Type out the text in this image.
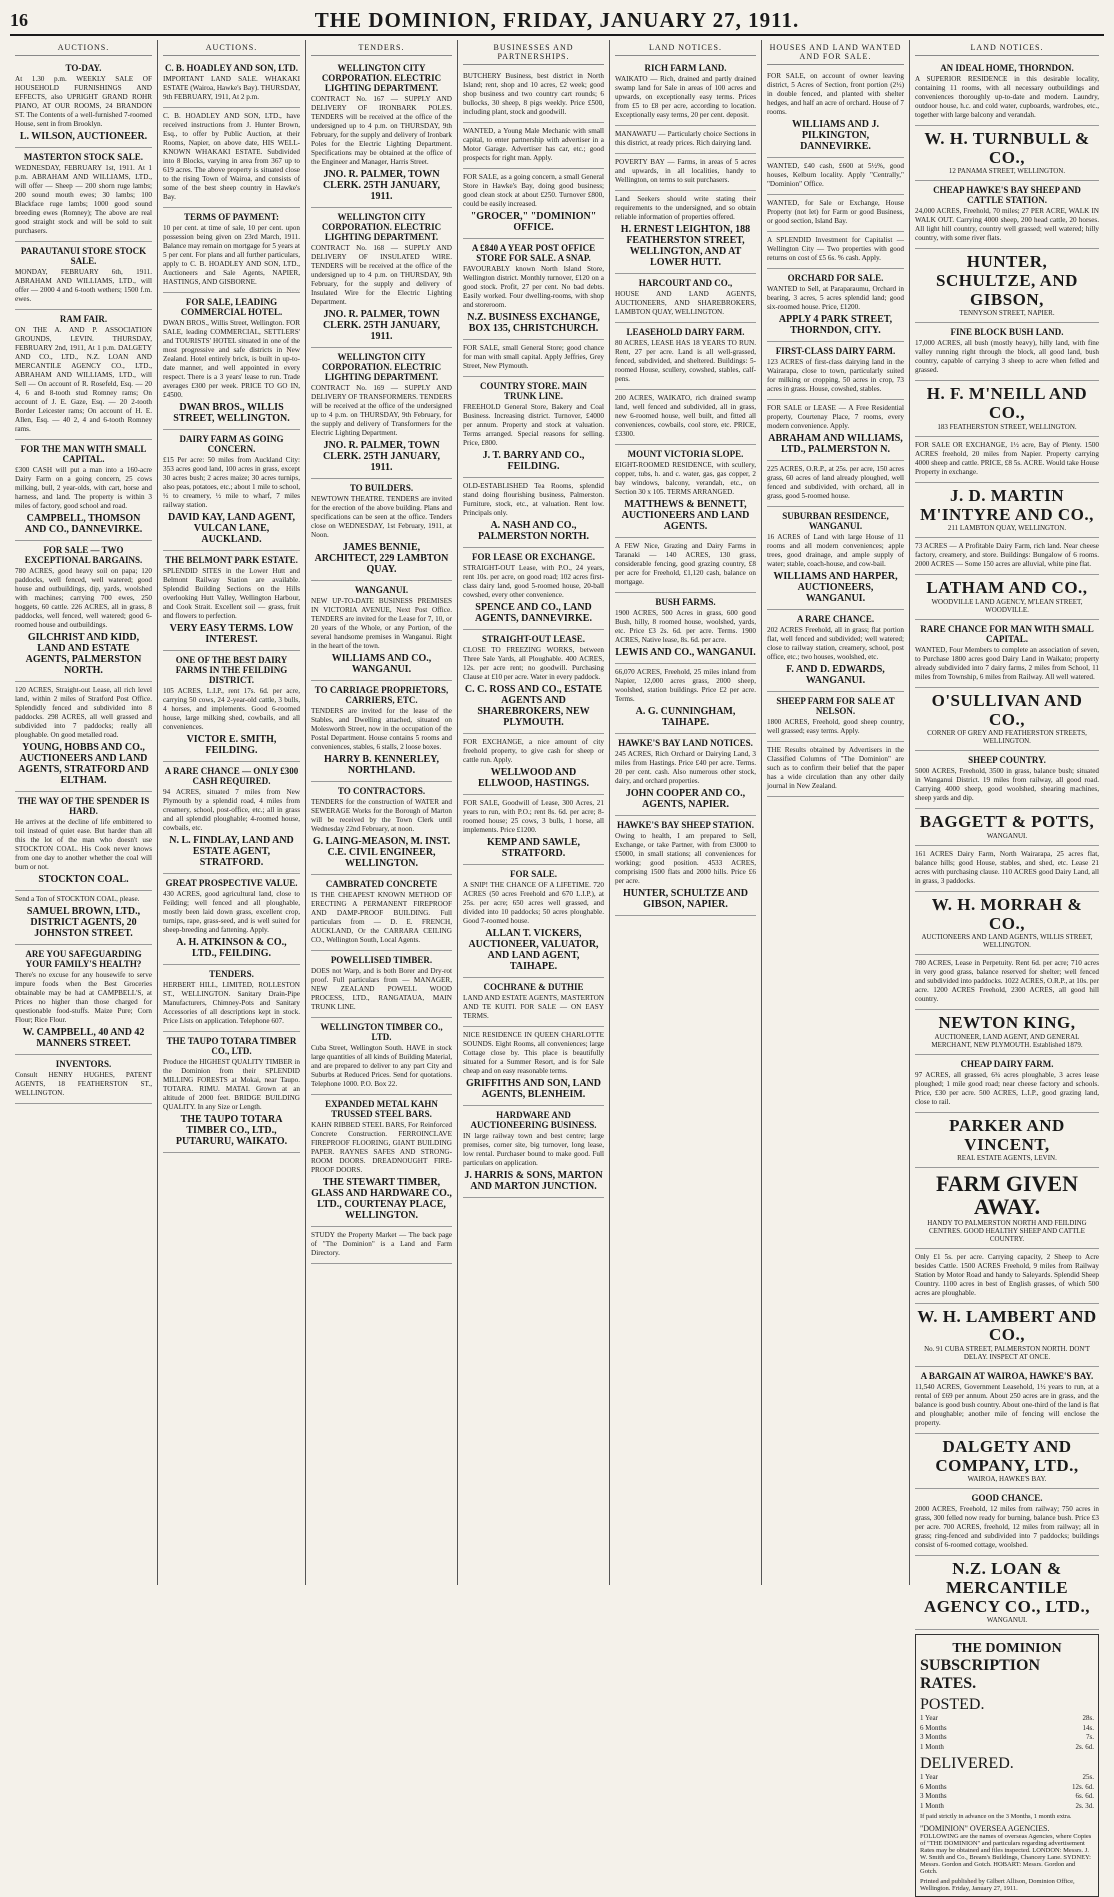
16	THE DOMINION, FRIDAY, JANUARY 27, 1911.
AUCTIONS.
TO-DAY.
At 1.30 p.m. WEEKLY SALE OF HOUSEHOLD FURNISHINGS AND EFFECTS, also UPRIGHT GRAND ROHR PIANO, AT OUR ROOMS, 24 BRANDON ST. The Contents of a well-furnished 7-roomed House, sent in from Brooklyn.
L. WILSON, AUCTIONEER.
MASTERTON STOCK SALE.
WEDNESDAY, FEBRUARY 1st, 1911. At 1 p.m. ABRAHAM AND WILLIAMS, LTD., will offer — Sheep — 200 shorn ruge lambs; 200 sound mouth ewes; 30 lambs; 100 Blackface ruge lambs; 1000 good sound breeding ewes (Romney); The above are real good straight stock and will be sold to suit purchasers.
PARAUTANUI STORE STOCK SALE.
MONDAY, FEBRUARY 6th, 1911. ABRAHAM AND WILLIAMS, LTD., will offer — 2000 4 and 6-tooth wethers; 1500 f.m. ewes.
RAM FAIR.
ON THE A. AND P. ASSOCIATION GROUNDS, LEVIN. THURSDAY, FEBRUARY 2nd, 1911, At 1 p.m. DALGETY AND CO., LTD., N.Z. LOAN AND MERCANTILE AGENCY CO., LTD., ABRAHAM AND WILLIAMS, LTD., will Sell — On account of R. Rosefeld, Esq. — 20 4, 6 and 8-tooth stud Romney rams; On account of J. E. Gaze, Esq. — 20 2-tooth Border Leicester rams; On account of H. E. Allen, Esq. — 40 2, 4 and 6-tooth Romney rams.
FOR THE MAN WITH SMALL CAPITAL.
£300 CASH will put a man into a 160-acre Dairy Farm on a going concern, 25 cows milking, bull, 2 year-olds, with cart, horse and harness, and land. The property is within 3 miles of factory, good school and road.
CAMPBELL, THOMSON AND CO., DANNEVIRKE.
FOR SALE — TWO EXCEPTIONAL BARGAINS.
780 ACRES, good heavy soil on papa; 120 paddocks, well fenced, well watered; good house and outbuildings, dip, yards, woolshed with machines; carrying 700 ewes, 250 hoggets, 60 cattle. 226 ACRES, all in grass, 8 paddocks, well fenced, well watered; good 6-roomed house and outbuildings.
GILCHRIST AND KIDD, LAND AND ESTATE AGENTS, PALMERSTON NORTH.
120 ACRES, Straight-out Lease, all rich level land, within 2 miles of Stratford Post Office. Splendidly fenced and subdivided into 8 paddocks. 298 ACRES, all well grassed and subdivided into 7 paddocks; really all ploughable. On good metalled road.
YOUNG, HOBBS AND CO., AUCTIONEERS AND LAND AGENTS, STRATFORD AND ELTHAM.
THE WAY OF THE SPENDER IS HARD.
He arrives at the decline of life embittered to toil instead of quiet ease. But harder than all this the lot of the man who doesn't use STOCKTON COAL. His Cook never knows from one day to another whether the coal will burn or not.
STOCKTON COAL.
Send a Ton of STOCKTON COAL, please.
SAMUEL BROWN, LTD., DISTRICT AGENTS, 20 JOHNSTON STREET.
ARE YOU SAFEGUARDING YOUR FAMILY'S HEALTH?
There's no excuse for any housewife to serve impure foods when the Best Groceries obtainable may be had at CAMPBELL'S, at Prices no higher than those charged for questionable food-stuffs. Maize Pure; Corn Flour; Rice Flour.
W. CAMPBELL, 40 AND 42 MANNERS STREET.
INVENTORS.
Consult HENRY HUGHES, PATENT AGENTS, 18 FEATHERSTON ST., WELLINGTON.
AUCTIONS.
C. B. HOADLEY AND SON, LTD.
IMPORTANT LAND SALE. WHAKAKI ESTATE (Wairoa, Hawke's Bay). THURSDAY, 9th FEBRUARY, 1911, At 2 p.m.
C. B. HOADLEY AND SON, LTD., have received instructions from J. Hunter Brown, Esq., to offer by Public Auction, at their Rooms, Napier, on above date, HIS WELL-KNOWN WHAKAKI ESTATE. Subdivided into 8 Blocks, varying in area from 367 up to 619 acres. The above property is situated close to the rising Town of Wairoa, and consists of some of the best sheep country in Hawke's Bay.
TERMS OF PAYMENT:
10 per cent. at time of sale, 10 per cent. upon possession being given on 23rd March, 1911. Balance may remain on mortgage for 5 years at 5 per cent. For plans and all further particulars, apply to C. B. HOADLEY AND SON, LTD., Auctioneers and Sale Agents, NAPIER, HASTINGS, AND GISBORNE.
FOR SALE, LEADING COMMERCIAL HOTEL.
DWAN BROS., Willis Street, Wellington. FOR SALE, leading COMMERCIAL, SETTLERS' and TOURISTS' HOTEL situated in one of the most progressive and safe districts in New Zealand. Hotel entirely brick, is built in up-to-date manner, and well appointed in every respect. There is a 3 years' lease to run. Trade averages £300 per week. PRICE TO GO IN, £4500.
DWAN BROS., WILLIS STREET, WELLINGTON.
DAIRY FARM AS GOING CONCERN.
£15 Per acre: 50 miles from Auckland City: 353 acres good land, 100 acres in grass, except 30 acres bush; 2 acres maize; 30 acres turnips, also peas, potatoes, etc.; about 1 mile to school, ½ to creamery, ½ mile to wharf, 7 miles railway station.
DAVID KAY, LAND AGENT, VULCAN LANE, AUCKLAND.
THE BELMONT PARK ESTATE.
SPLENDID SITES in the Lower Hutt and Belmont Railway Station are available. Splendid Building Sections on the Hills overlooking Hutt Valley, Wellington Harbour, and Cook Strait. Excellent soil — grass, fruit and flowers to perfection.
VERY EASY TERMS. LOW INTEREST.
ONE OF THE BEST DAIRY FARMS IN THE FEILDING DISTRICT.
105 ACRES, L.I.P., rent 17s. 6d. per acre, carrying 50 cows, 24 2-year-old cattle, 3 bulls, 4 horses, and implements. Good 6-roomed house, large milking shed, cowbails, and all conveniences.
VICTOR E. SMITH, FEILDING.
A RARE CHANCE — ONLY £300 CASH REQUIRED.
94 ACRES, situated 7 miles from New Plymouth by a splendid road, 4 miles from creamery, school, post-office, etc.; all in grass and all splendid ploughable; 4-roomed house, cowbails, etc.
N. L. FINDLAY, LAND AND ESTATE AGENT, STRATFORD.
GREAT PROSPECTIVE VALUE.
430 ACRES, good agricultural land, close to Feilding; well fenced and all ploughable, mostly been laid down grass, excellent crop, turnips, rape, grass-seed, and is well suited for sheep-breeding and fattening. Apply.
A. H. ATKINSON & CO., LTD., FEILDING.
TENDERS.
HERBERT HILL, LIMITED, ROLLESTON ST., WELLINGTON. Sanitary Drain-Pipe Manufacturers, Chimney-Pots and Sanitary Accessories of all descriptions kept in stock. Price Lists on application. Telephone 607.
THE TAUPO TOTARA TIMBER CO., LTD.
Produce the HIGHEST QUALITY TIMBER in the Dominion from their SPLENDID MILLING FORESTS at Mokai, near Taupo. TOTARA. RIMU. MATAI. Grown at an altitude of 2000 feet. BRIDGE BUILDING QUALITY. In any Size or Length.
THE TAUPO TOTARA TIMBER CO., LTD., PUTARURU, WAIKATO.
TENDERS.
WELLINGTON CITY CORPORATION. ELECTRIC LIGHTING DEPARTMENT.
CONTRACT No. 167 — SUPPLY AND DELIVERY OF IRONBARK POLES. TENDERS will be received at the office of the undersigned up to 4 p.m. on THURSDAY, 9th February, for the supply and delivery of Ironbark Poles for the Electric Lighting Department. Specifications may be obtained at the office of the Engineer and Manager, Harris Street.
JNO. R. PALMER, TOWN CLERK. 25TH JANUARY, 1911.
WELLINGTON CITY CORPORATION. ELECTRIC LIGHTING DEPARTMENT.
CONTRACT No. 168 — SUPPLY AND DELIVERY OF INSULATED WIRE. TENDERS will be received at the office of the undersigned up to 4 p.m. on THURSDAY, 9th February, for the supply and delivery of Insulated Wire for the Electric Lighting Department.
JNO. R. PALMER, TOWN CLERK. 25TH JANUARY, 1911.
WELLINGTON CITY CORPORATION. ELECTRIC LIGHTING DEPARTMENT.
CONTRACT No. 169 — SUPPLY AND DELIVERY OF TRANSFORMERS. TENDERS will be received at the office of the undersigned up to 4 p.m. on THURSDAY, 9th February, for the supply and delivery of Transformers for the Electric Lighting Department.
JNO. R. PALMER, TOWN CLERK. 25TH JANUARY, 1911.
TO BUILDERS.
NEWTOWN THEATRE. TENDERS are invited for the erection of the above building. Plans and specifications can be seen at the office. Tenders close on WEDNESDAY, 1st February, 1911, at Noon.
JAMES BENNIE, ARCHITECT, 229 LAMBTON QUAY.
WANGANUI.
NEW UP-TO-DATE BUSINESS PREMISES IN VICTORIA AVENUE, Next Post Office. TENDERS are invited for the Lease for 7, 10, or 20 years of the Whole, or any Portion, of the several handsome premises in Wanganui. Right in the heart of the town.
WILLIAMS AND CO., WANGANUI.
TO CARRIAGE PROPRIETORS, CARRIERS, ETC.
TENDERS are invited for the lease of the Stables, and Dwelling attached, situated on Molesworth Street, now in the occupation of the Postal Department. House contains 5 rooms and conveniences, stables, 6 stalls, 2 loose boxes.
HARRY B. KENNERLEY, NORTHLAND.
TO CONTRACTORS.
TENDERS for the construction of WATER and SEWERAGE Works for the Borough of Marton will be received by the Town Clerk until Wednesday 22nd February, at noon.
G. LAING-MEASON, M. INST. C.E. CIVIL ENGINEER, WELLINGTON.
CAMBRATED CONCRETE
IS THE CHEAPEST KNOWN METHOD OF ERECTING A PERMANENT FIREPROOF AND DAMP-PROOF BUILDING. Full particulars from — D. E. FRENCH, AUCKLAND, Or the CARRARA CEILING CO., Wellington South, Local Agents.
POWELLISED TIMBER.
DOES not Warp, and is both Borer and Dry-rot proof. Full particulars from — MANAGER, NEW ZEALAND POWELL WOOD PROCESS, LTD., RANGATAUA, MAIN TRUNK LINE.
WELLINGTON TIMBER CO., LTD.
Cuba Street, Wellington South. HAVE in stock large quantities of all kinds of Building Material, and are prepared to deliver to any part City and Suburbs at Reduced Prices. Send for quotations. Telephone 1000. P.O. Box 22.
EXPANDED METAL KAHN TRUSSED STEEL BARS.
KAHN RIBBED STEEL BARS, For Reinforced Concrete Construction. FERROINCLAVE FIREPROOF FLOORING, GIANT BUILDING PAPER. RAYNES SAFES AND STRONG-ROOM DOORS. DREADNOUGHT FIRE-PROOF DOORS.
THE STEWART TIMBER, GLASS AND HARDWARE CO., LTD., COURTENAY PLACE, WELLINGTON.
STUDY the Property Market — The back page of "The Dominion" is a Land and Farm Directory.
BUSINESSES AND PARTNERSHIPS.
BUTCHERY Business, best district in North Island; rent, shop and 10 acres, £2 week; good shop business and two country cart rounds; 6 bullocks, 30 sheep, 8 pigs weekly. Price £500, including plant, stock and goodwill.
WANTED, a Young Male Mechanic with small capital, to enter partnership with advertiser in a Motor Garage. Advertiser has car, etc.; good prospects for right man. Apply.
FOR SALE, as a going concern, a small General Store in Hawke's Bay, doing good business; good clean stock at about £250. Turnover £800, could be easily increased.
"GROCER," "DOMINION" OFFICE.
A £840 A YEAR POST OFFICE STORE FOR SALE. A SNAP.
FAVOURABLY known North Island Store, Wellington district. Monthly turnover, £120 on a good stock. Profit, 27 per cent. No bad debts. Easily worked. Four dwelling-rooms, with shop and storeroom.
N.Z. BUSINESS EXCHANGE, BOX 135, CHRISTCHURCH.
FOR SALE, small General Store; good chance for man with small capital. Apply Jeffries, Grey Street, New Plymouth.
COUNTRY STORE. MAIN TRUNK LINE.
FREEHOLD General Store, Bakery and Coal Business. Increasing district. Turnover, £4000 per annum. Property and stock at valuation. Terms arranged. Special reasons for selling. Price, £800.
J. T. BARRY AND CO., FEILDING.
OLD-ESTABLISHED Tea Rooms, splendid stand doing flourishing business, Palmerston. Furniture, stock, etc., at valuation. Rent low. Principals only.
A. NASH AND CO., PALMERSTON NORTH.
FOR LEASE OR EXCHANGE.
STRAIGHT-OUT Lease, with P.O., 24 years, rent 10s. per acre, on good road; 102 acres first-class dairy land, good 5-roomed house, 20-ball cowshed, every other convenience.
SPENCE AND CO., LAND AGENTS, DANNEVIRKE.
STRAIGHT-OUT LEASE.
CLOSE TO FREEZING WORKS, between Three Sale Yards, all Ploughable. 400 ACRES, 12s. per acre rent; no goodwill. Purchasing Clause at £10 per acre. Water in every paddock.
C. C. ROSS AND CO., ESTATE AGENTS AND SHAREBROKERS, NEW PLYMOUTH.
FOR EXCHANGE, a nice amount of city freehold property, to give cash for sheep or cattle run. Apply.
WELLWOOD AND ELLWOOD, HASTINGS.
FOR SALE, Goodwill of Lease, 300 Acres, 21 years to run, with P.O.; rent 8s. 6d. per acre; 8-roomed house; 25 cows, 3 bulls, 1 horse, all implements. Price £1200.
KEMP AND SAWLE, STRATFORD.
FOR SALE.
A SNIP! THE CHANCE OF A LIFETIME. 720 ACRES (50 acres Freehold and 670 L.I.P.), at 25s. per acre; 650 acres well grassed, and divided into 10 paddocks; 50 acres ploughable. Good 7-roomed house.
ALLAN T. VICKERS, AUCTIONEER, VALUATOR, AND LAND AGENT, TAIHAPE.
COCHRANE & DUTHIE
LAND AND ESTATE AGENTS, MASTERTON AND TE KUITI. FOR SALE — ON EASY TERMS.
NICE RESIDENCE IN QUEEN CHARLOTTE SOUNDS. Eight Rooms, all conveniences; large Cottage close by. This place is beautifully situated for a Summer Resort, and is for Sale cheap and on easy reasonable terms.
GRIFFITHS AND SON, LAND AGENTS, BLENHEIM.
HARDWARE AND AUCTIONEERING BUSINESS.
IN large railway town and best centre; large premises, corner site, big turnover, long lease, low rental. Purchaser bound to make good. Full particulars on application.
J. HARRIS & SONS, MARTON AND MARTON JUNCTION.
LAND NOTICES.
RICH FARM LAND.
WAIKATO — Rich, drained and partly drained swamp land for Sale in areas of 100 acres and upwards, on exceptionally easy terms. Prices from £5 to £8 per acre, according to location. Exceptionally easy terms, 20 per cent. deposit.
MANAWATU — Particularly choice Sections in this district, at ready prices. Rich dairying land.
POVERTY BAY — Farms, in areas of 5 acres and upwards, in all localities, handy to Wellington, on terms to suit purchasers.
Land Seekers should write stating their requirements to the undersigned, and so obtain reliable information of properties offered.
H. ERNEST LEIGHTON, 188 FEATHERSTON STREET, WELLINGTON, AND AT LOWER HUTT.
HARCOURT AND CO.,
HOUSE AND LAND AGENTS, AUCTIONEERS, AND SHAREBROKERS, LAMBTON QUAY, WELLINGTON.
LEASEHOLD DAIRY FARM.
80 ACRES, LEASE HAS 18 YEARS TO RUN. Rent, 27 per acre. Land is all well-grassed, fenced, subdivided, and sheltered. Buildings: 5-roomed House, scullery, cowshed, stables, calf-pens.
200 ACRES, WAIKATO, rich drained swamp land, well fenced and subdivided, all in grass, new 6-roomed house, well built, and fitted all conveniences, cowbails, cool store, etc. PRICE, £3300.
MOUNT VICTORIA SLOPE.
EIGHT-ROOMED RESIDENCE, with scullery, copper, tubs, h. and c. water, gas, gas copper, 2 bay windows, balcony, verandah, etc., on Section 30 x 105. TERMS ARRANGED.
MATTHEWS & BENNETT, AUCTIONEERS AND LAND AGENTS.
A FEW Nice, Grazing and Dairy Farms in Taranaki — 140 ACRES, 130 grass, considerable fencing, good grazing country, £8 per acre for Freehold, £1,120 cash, balance on mortgage.
BUSH FARMS.
1900 ACRES, 500 Acres in grass, 600 good Bush, hilly, 8 roomed house, woolshed, yards, etc. Price £3 2s. 6d. per acre. Terms. 1900 ACRES, Native lease, 8s. 6d. per acre.
LEWIS AND CO., WANGANUI.
66,070 ACRES, Freehold, 25 miles inland from Napier, 12,000 acres grass, 2000 sheep, woolshed, station buildings. Price £2 per acre. Terms.
A. G. CUNNINGHAM, TAIHAPE.
HAWKE'S BAY LAND NOTICES.
245 ACRES, Rich Orchard or Dairying Land, 3 miles from Hastings. Price £40 per acre. Terms. 20 per cent. cash. Also numerous other stock, dairy, and orchard properties.
JOHN COOPER AND CO., AGENTS, NAPIER.
HAWKE'S BAY SHEEP STATION.
Owing to health, I am prepared to Sell, Exchange, or take Partner, with from £3000 to £5000, in small stations; all conveniences for working; good position. 4533 ACRES, comprising 1500 flats and 2000 hills. Price £6 per acre.
HUNTER, SCHULTZE AND GIBSON, NAPIER.
HOUSES AND LAND WANTED AND FOR SALE.
FOR SALE, on account of owner leaving district, 5 Acres of Section, front portion (2½) in double fenced, and planted with shelter hedges, and half an acre of orchard. House of 7 rooms.
WILLIAMS AND J. PILKINGTON, DANNEVIRKE.
WANTED, £40 cash, £600 at 5½%, good houses, Kelburn locality. Apply "Centrally," "Dominion" Office.
WANTED, for Sale or Exchange, House Property (not let) for Farm or good Business, or good section, Island Bay.
A SPLENDID Investment for Capitalist — Wellington City — Two properties with good returns on cost of £5 6s. % cash. Apply.
ORCHARD FOR SALE.
WANTED to Sell, at Paraparaumu, Orchard in bearing, 3 acres, 5 acres splendid land; good six-roomed house. Price, £1200.
APPLY 4 PARK STREET, THORNDON, CITY.
FIRST-CLASS DAIRY FARM.
123 ACRES of first-class dairying land in the Wairarapa, close to town, particularly suited for milking or cropping, 50 acres in crop, 73 acres in grass. House, cowshed, stables.
FOR SALE or LEASE — A Free Residential property, Courtenay Place, 7 rooms, every modern convenience. Apply.
ABRAHAM AND WILLIAMS, LTD., PALMERSTON N.
225 ACRES, O.R.P., at 25s. per acre, 150 acres grass, 60 acres of land already ploughed, well fenced and subdivided, with orchard, all in grass, good 5-roomed house.
SUBURBAN RESIDENCE, WANGANUI.
16 ACRES of Land with large House of 11 rooms and all modern conveniences; apple trees, good drainage, and ample supply of water; stable, coach-house, and cow-bail.
WILLIAMS AND HARPER, AUCTIONEERS, WANGANUI.
A RARE CHANCE.
202 ACRES Freehold, all in grass; flat portion flat, well fenced and subdivided; well watered; close to railway station, creamery, school, post office, etc.; two houses, woolshed, etc.
F. AND D. EDWARDS, WANGANUI.
SHEEP FARM FOR SALE AT NELSON.
1800 ACRES, Freehold, good sheep country, well grassed; easy terms. Apply.
THE Results obtained by Advertisers in the Classified Columns of "The Dominion" are such as to confirm their belief that the paper has a wide circulation than any other daily journal in New Zealand.
LAND NOTICES.
AN IDEAL HOME, THORNDON.
A SUPERIOR RESIDENCE in this desirable locality, containing 11 rooms, with all necessary outbuildings and conveniences thoroughly up-to-date and modern. Laundry, outdoor house, h.c. and cold water, cupboards, wardrobes, etc., together with large balcony and verandah.
W. H. TURNBULL & CO.,
12 PANAMA STREET, WELLINGTON.
CHEAP HAWKE'S BAY SHEEP AND CATTLE STATION.
24,000 ACRES, Freehold, 70 miles; 27 PER ACRE, WALK IN WALK OUT. Carrying 4000 sheep, 200 head cattle, 20 horses. All light hill country, country well grassed; well watered; hilly country, with some river flats.
HUNTER, SCHULTZE, AND GIBSON,
TENNYSON STREET, NAPIER.
FINE BLOCK BUSH LAND.
17,000 ACRES, all bush (mostly heavy), hilly land, with fine valley running right through the block, all good land, bush country, capable of carrying 3 sheep to acre when felled and grassed.
H. F. M'NEILL AND CO.,
183 FEATHERSTON STREET, WELLINGTON.
FOR SALE OR EXCHANGE, 1½ acre, Bay of Plenty. 1500 ACRES freehold, 20 miles from Napier. Property carrying 4000 sheep and cattle. PRICE, £8 5s. ACRE. Would take House Property in exchange.
J. D. MARTIN M'INTYRE AND CO.,
211 LAMBTON QUAY, WELLINGTON.
73 ACRES — A Profitable Dairy Farm, rich land. Near cheese factory, creamery, and store. Buildings: Bungalow of 6 rooms. 2000 ACRES — Some 150 acres are alluvial, white pine flat.
LATHAM AND CO.,
WOODVILLE LAND AGENCY, M'LEAN STREET, WOODVILLE.
RARE CHANCE FOR MAN WITH SMALL CAPITAL.
WANTED, Four Members to complete an association of seven, to Purchase 1800 acres good Dairy Land in Waikato; property already subdivided into 7 dairy farms, 2 miles from School, 11 miles from Township, 6 miles from Railway. All well watered.
O'SULLIVAN AND CO.,
CORNER OF GREY AND FEATHERSTON STREETS, WELLINGTON.
SHEEP COUNTRY.
5000 ACRES, Freehold, 3500 in grass, balance bush; situated in Wanganui District. 19 miles from railway, all good road. Carrying 4000 sheep, good woolshed, shearing machines, sheep yards and dip.
BAGGETT & POTTS,
WANGANUI.
161 ACRES Dairy Farm, North Wairarapa, 25 acres flat, balance hills; good House, stables, and shed, etc. Lease 21 acres with purchasing clause. 110 ACRES good Dairy Land, all in grass, 3 paddocks.
W. H. MORRAH & CO.,
AUCTIONEERS AND LAND AGENTS, WILLIS STREET, WELLINGTON.
780 ACRES, Lease in Perpetuity. Rent 6d. per acre; 710 acres in very good grass, balance reserved for shelter; well fenced and subdivided into paddocks. 1022 ACRES, O.R.P., at 10s. per acre. 1200 ACRES Freehold, 2300 ACRES, all good hill country.
NEWTON KING,
AUCTIONEER, LAND AGENT, AND GENERAL MERCHANT, NEW PLYMOUTH. Established 1879.
CHEAP DAIRY FARM.
97 ACRES, all grassed, 6¾ acres ploughable, 3 acres lease ploughed; 1 mile good road; near cheese factory and schools. Price, £30 per acre. 500 ACRES, L.I.P., good grazing land, close to rail.
PARKER AND VINCENT,
REAL ESTATE AGENTS, LEVIN.
FARM GIVEN AWAY.
HANDY TO PALMERSTON NORTH AND FEILDING CENTRES. GOOD HEALTHY SHEEP AND CATTLE COUNTRY.
Only £1 5s. per acre. Carrying capacity, 2 Sheep to Acre besides Cattle. 1500 ACRES Freehold, 9 miles from Railway Station by Motor Road and handy to Saleyards. Splendid Sheep Country. 1100 acres in best of English grasses, of which 500 acres are ploughable.
W. H. LAMBERT AND CO.,
No. 91 CUBA STREET, PALMERSTON NORTH. DON'T DELAY. INSPECT AT ONCE.
A BARGAIN AT WAIROA, HAWKE'S BAY.
11,540 ACRES, Government Leasehold, 1½ years to run, at a rental of £69 per annum. About 250 acres are in grass, and the balance is good bush country. About one-third of the land is flat and ploughable; another mile of fencing will enclose the property.
DALGETY AND COMPANY, LTD.,
WAIROA, HAWKE'S BAY.
GOOD CHANCE.
2000 ACRES, Freehold, 12 miles from railway; 750 acres in grass, 300 felled now ready for burning, balance bush. Price £3 per acre. 700 ACRES, freehold, 12 miles from railway; all in grass; ring-fenced and subdivided into 7 paddocks; buildings consist of 6-roomed cottage, woolshed.
N.Z. LOAN & MERCANTILE AGENCY CO., LTD.,
WANGANUI.
THE DOMINION
SUBSCRIPTION RATES.
POSTED.
1 Year	28s.
6 Months	14s.
3 Months	7s.
1 Month	2s. 6d.
DELIVERED.
1 Year	25s.
6 Months	12s. 6d.
3 Months	6s. 6d.
1 Month	2s. 3d.
If paid strictly in advance on the 3 Months, 1 month extra.
"DOMINION" OVERSEA AGENCIES.
FOLLOWING are the names of overseas Agencies, where Copies of "THE DOMINION" and particulars regarding advertisement Rates may be obtained and files inspected. LONDON: Messrs. J. W. Smith and Co., Bream's Buildings, Chancery Lane. SYDNEY: Messrs. Gordon and Gotch. HOBART: Messrs. Gordon and Gotch.
Printed and published by Gilbert Allison, Dominion Office, Wellington. Friday, January 27, 1911.
